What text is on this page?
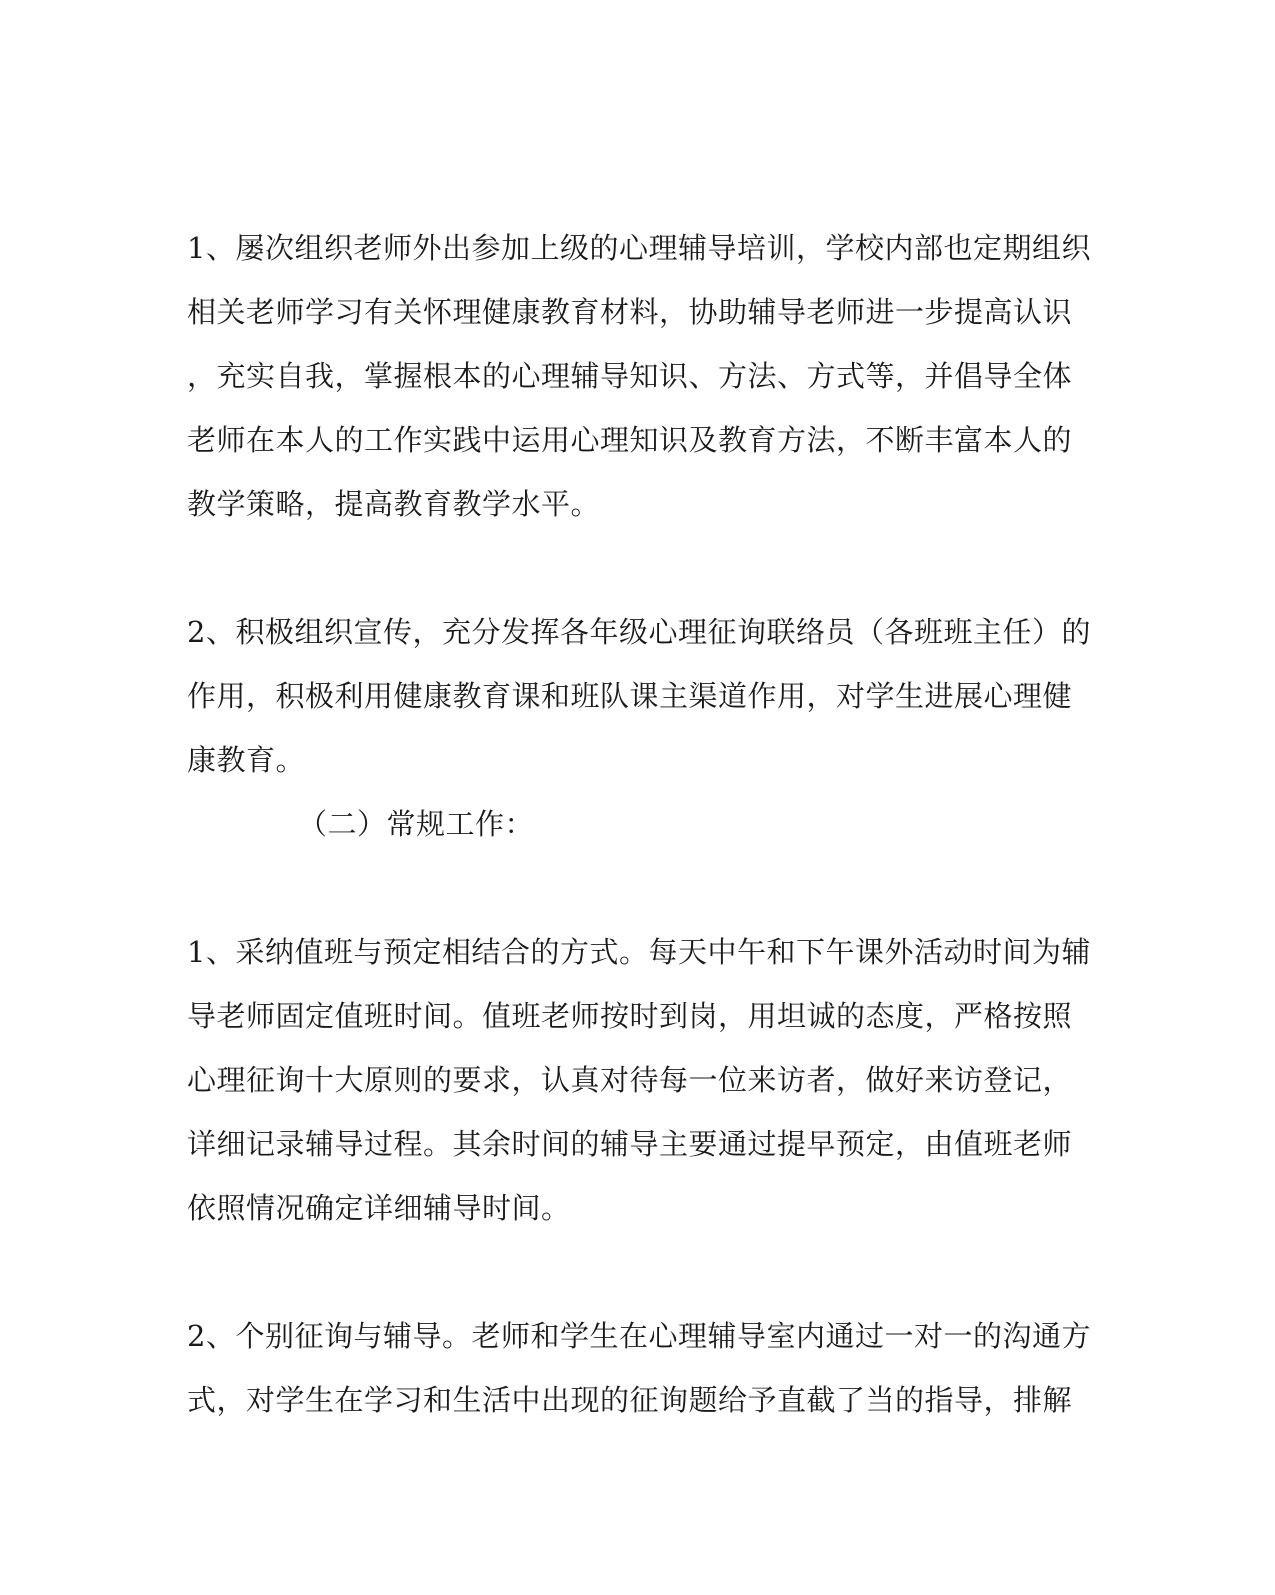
1、屡次组织老师外出参加上级的心理辅导培训，学校内部也定期组织
相关老师学习有关怀理健康教育材料，协助辅导老师进一步提高认识
，充实自我，掌握根本的心理辅导知识、方法、方式等，并倡导全体
老师在本人的工作实践中运用心理知识及教育方法，不断丰富本人的
教学策略，提高教育教学水平。
2、积极组织宣传，充分发挥各年级心理征询联络员（各班班主任）的
作用，积极利用健康教育课和班队课主渠道作用，对学生进展心理健
康教育。
（二）常规工作：
1、采纳值班与预定相结合的方式。每天中午和下午课外活动时间为辅
导老师固定值班时间。值班老师按时到岗，用坦诚的态度，严格按照
心理征询十大原则的要求，认真对待每一位来访者，做好来访登记，
详细记录辅导过程。其余时间的辅导主要通过提早预定，由值班老师
依照情况确定详细辅导时间。
2、个别征询与辅导。老师和学生在心理辅导室内通过一对一的沟通方
式，对学生在学习和生活中出现的征询题给予直截了当的指导，排解
